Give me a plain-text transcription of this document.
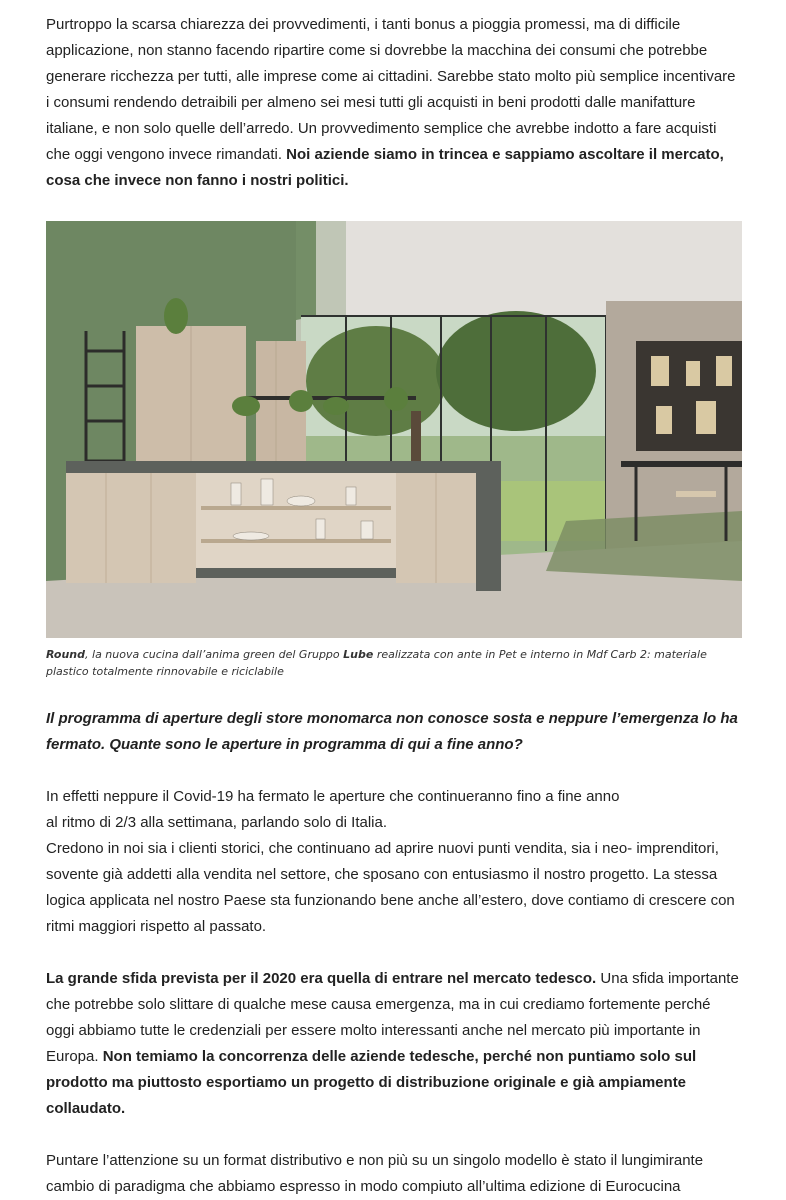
Purtroppo la scarsa chiarezza dei provvedimenti, i tanti bonus a pioggia promessi, ma di difficile applicazione, non stanno facendo ripartire come si dovrebbe la macchina dei consumi che potrebbe generare ricchezza per tutti, alle imprese come ai cittadini. Sarebbe stato molto più semplice incentivare i consumi rendendo detraibili per almeno sei mesi tutti gli acquisti in beni prodotti dalle manifatture italiane, e non solo quelle dell’arredo. Un provvedimento semplice che avrebbe indotto a fare acquisti che oggi vengono invece rimandati. Noi aziende siamo in trincea e sappiamo ascoltare il mercato, cosa che invece non fanno i nostri politici.

Round, la nuova cucina dall’anima green del Gruppo Lube realizzata con ante in Pet e interno in Mdf Carb 2: materiale plastico totalmente rinnovabile e riciclabile

Il programma di aperture degli store monomarca non conosce sosta e neppure l’emergenza lo ha fermato. Quante sono le aperture in programma di qui a fine anno?

In effetti neppure il Covid-19 ha fermato le aperture che continueranno fino a fine anno
al ritmo di 2/3 alla settimana, parlando solo di Italia.
Credono in noi sia i clienti storici, che continuano ad aprire nuovi punti vendita, sia i neo- imprenditori, sovente già addetti alla vendita nel settore, che sposano con entusiasmo il nostro progetto. La stessa logica applicata nel nostro Paese sta funzionando bene anche all’estero, dove contiamo di crescere con ritmi maggiori rispetto al passato.

La grande sfida prevista per il 2020 era quella di entrare nel mercato tedesco. Una sfida importante che potrebbe solo slittare di qualche mese causa emergenza, ma in cui crediamo fortemente perché oggi abbiamo tutte le credenziali per essere molto interessanti anche nel mercato più importante in Europa. Non temiamo la concorrenza delle aziende tedesche, perché non puntiamo solo sul prodotto ma piuttosto esportiamo un progetto di distribuzione originale e già ampiamente collaudato.

Puntare l’attenzione su un format distributivo e non più su un singolo modello è stato il lungimirante cambio di paradigma che abbiamo espresso in modo compiuto all’ultima edizione di Eurocucina
